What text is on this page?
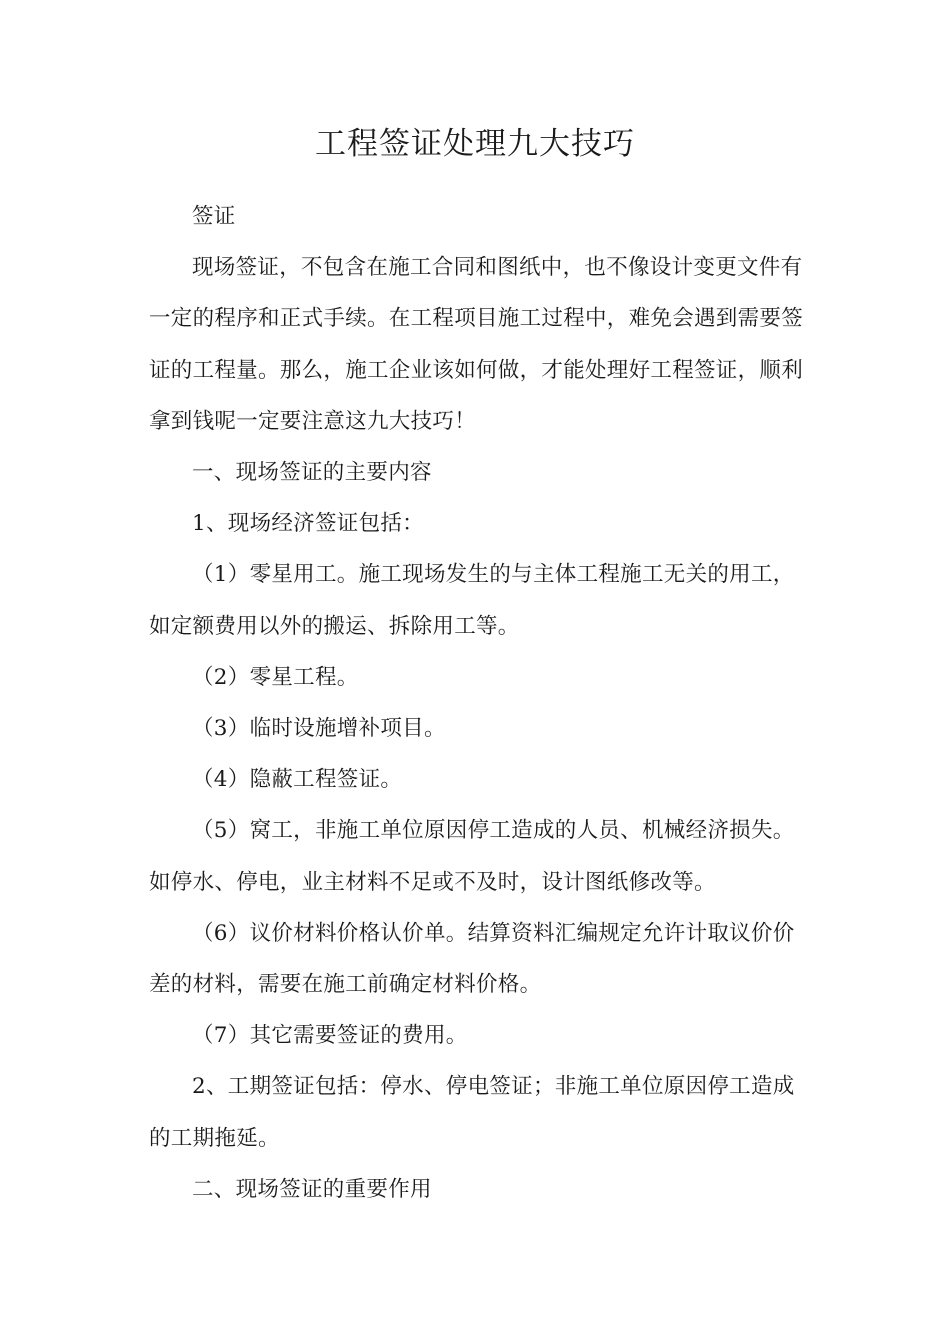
工程签证处理九大技巧

签证

现场签证，不包含在施工合同和图纸中，也不像设计变更文件有一定的程序和正式手续。在工程项目施工过程中，难免会遇到需要签证的工程量。那么，施工企业该如何做，才能处理好工程签证，顺利拿到钱呢一定要注意这九大技巧！

一、现场签证的主要内容

1、现场经济签证包括：

（1）零星用工。施工现场发生的与主体工程施工无关的用工，如定额费用以外的搬运、拆除用工等。

（2）零星工程。

（3）临时设施增补项目。

（4）隐蔽工程签证。

（5）窝工，非施工单位原因停工造成的人员、机械经济损失。如停水、停电，业主材料不足或不及时，设计图纸修改等。

（6）议价材料价格认价单。结算资料汇编规定允许计取议价价差的材料，需要在施工前确定材料价格。

（7）其它需要签证的费用。

2、工期签证包括：停水、停电签证；非施工单位原因停工造成的工期拖延。

二、现场签证的重要作用
